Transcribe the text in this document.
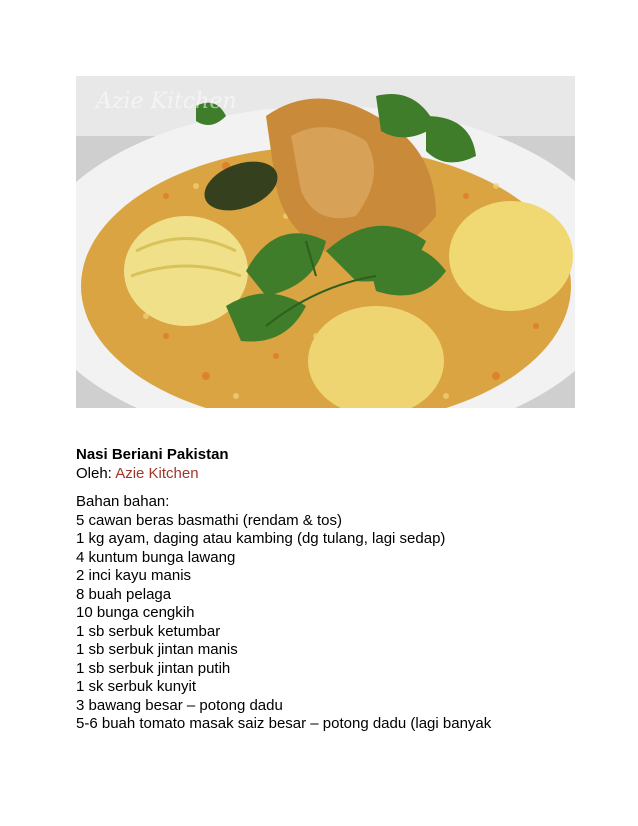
Azie Kitchen
Nasi Beriani Pakistan
Oleh: Azie Kitchen
Bahan bahan:
5 cawan beras basmathi (rendam & tos)
1 kg ayam, daging atau kambing (dg tulang, lagi sedap)
4 kuntum bunga lawang
2 inci kayu manis
8 buah pelaga
10 bunga cengkih
1 sb serbuk ketumbar
1 sb serbuk jintan manis
1 sb serbuk jintan putih
1 sk serbuk kunyit
3 bawang besar – potong dadu
5-6 buah tomato masak saiz besar – potong dadu (lagi banyak
